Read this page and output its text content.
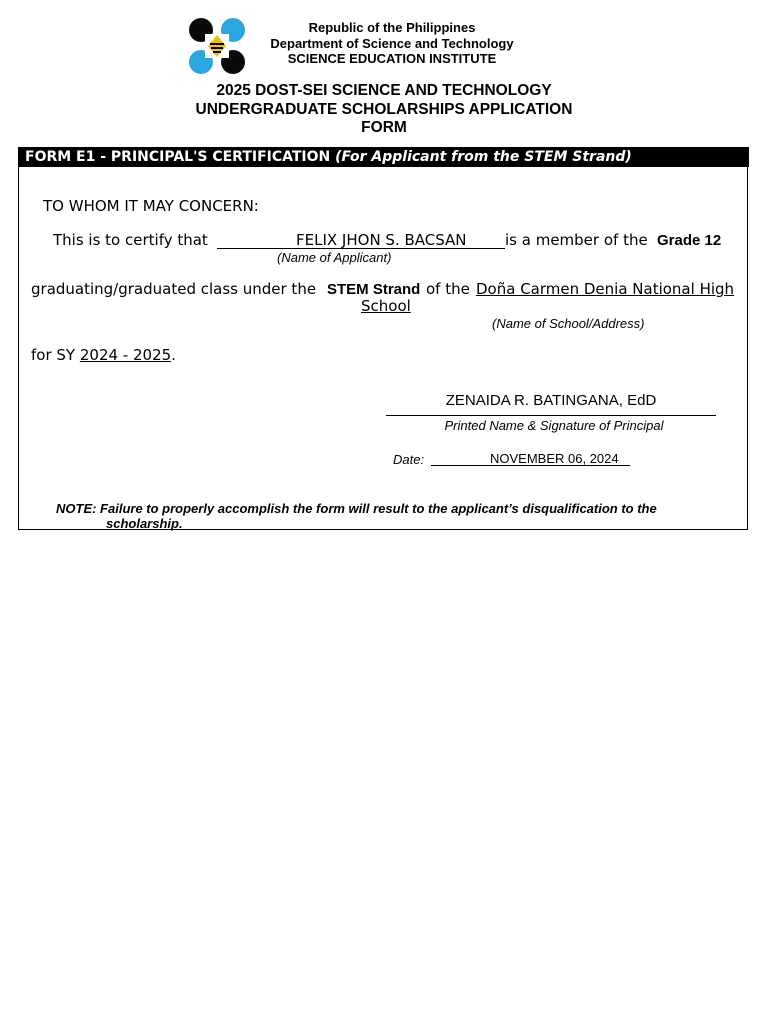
Republic of the Philippines
Department of Science and Technology
SCIENCE EDUCATION INSTITUTE
2025 DOST-SEI SCIENCE AND TECHNOLOGY
UNDERGRADUATE SCHOLARSHIPS APPLICATION
FORM
FORM E1 - PRINCIPAL'S CERTIFICATION (For Applicant from the STEM Strand)
TO WHOM IT MAY CONCERN:
This is to certify that	FELIX JHON S. BACSAN	is a member of the Grade 12
(Name of Applicant)
graduating/graduated class under the STEM Strand of the Doña Carmen Denia National High
School
(Name of School/Address)
for SY 2024 - 2025.
ZENAIDA R. BATINGANA, EdD
Printed Name & Signature of Principal
Date:	NOVEMBER 06, 2024
NOTE: Failure to properly accomplish the form will result to the applicant’s disqualification to the
scholarship.
